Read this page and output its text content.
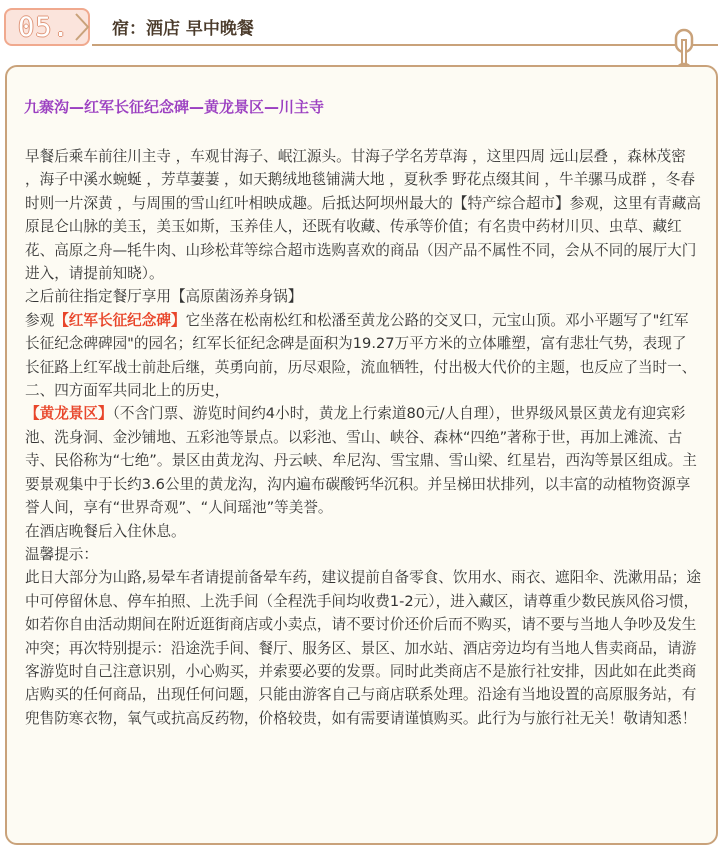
05. 宿：酒店 早中晚餐
九寨沟—红军长征纪念碑—黄龙景区—川主寺

早餐后乘车前往川主寺 ，车观甘海子、岷江源头。甘海子学名芳草海 ，这里四周 远山层叠 ，森林茂密 ，海子中溪水蜿蜒 ，芳草萋萋 ，如天鹅绒地毯铺满大地 ，夏秋季 野花点缀其间 ，牛羊骡马成群 ，冬春时则一片深黄 ，与周围的雪山红叶相映成趣。后抵达阿坝州最大的【特产综合超市】参观，这里有青藏高原昆仑山脉的美玉，美玉如斯，玉养佳人，还既有收藏、传承等价值；有名贵中药材川贝、虫草、藏红花、高原之舟—牦牛肉、山珍松茸等综合超市选购喜欢的商品（因产品不属性不同，会从不同的展厅大门进入，请提前知晓）。

之后前往指定餐厅享用【高原菌汤养身锅】

参观【红军长征纪念碑】它坐落在松南松红和松潘至黄龙公路的交叉口，元宝山顶。邓小平题写了"红军长征纪念碑碑园"的园名；红军长征纪念碑是面积为19.27万平方米的立体雕塑，富有悲壮气势，表现了长征路上红军战士前赴后继，英勇向前，历尽艰险，流血牺牲，付出极大代价的主题，也反应了当时一、二、四方面军共同北上的历史，

【黄龙景区】（不含门票、游览时间约4小时，黄龙上行索道80元/人自理），世界级风景区黄龙有迎宾彩池、洗身洞、金沙铺地、五彩池等景点。以彩池、雪山、峡谷、森林“四绝”著称于世，再加上滩流、古寺、民俗称为“七绝”。景区由黄龙沟、丹云峡、牟尼沟、雪宝鼎、雪山梁、红星岩，西沟等景区组成。主要景观集中于长约3.6公里的黄龙沟，沟内遍布碳酸钙华沉积。并呈梯田状排列，以丰富的动植物资源享誉人间，享有“世界奇观”、“人间瑶池”等美誉。

在酒店晚餐后入住休息。

温馨提示：

此日大部分为山路,易晕车者请提前备晕车药，建议提前自备零食、饮用水、雨衣、遮阳伞、洗漱用品；途中可停留休息、停车拍照、上洗手间（全程洗手间均收费1-2元），进入藏区，请尊重少数民族风俗习惯，如若你自由活动期间在附近逛街商店或小卖点，请不要讨价还价后而不购买，请不要与当地人争吵及发生冲突；再次特别提示：沿途洗手间、餐厅、服务区、景区、加水站、酒店旁边均有当地人售卖商品，请游客游览时自己注意识别，小心购买，并索要必要的发票。同时此类商店不是旅行社安排，因此如在此类商店购买的任何商品，出现任何问题，只能由游客自己与商店联系处理。沿途有当地设置的高原服务站，有兜售防寒衣物，氧气或抗高反药物，价格较贵，如有需要请谨慎购买。此行为与旅行社无关！敬请知悉！
